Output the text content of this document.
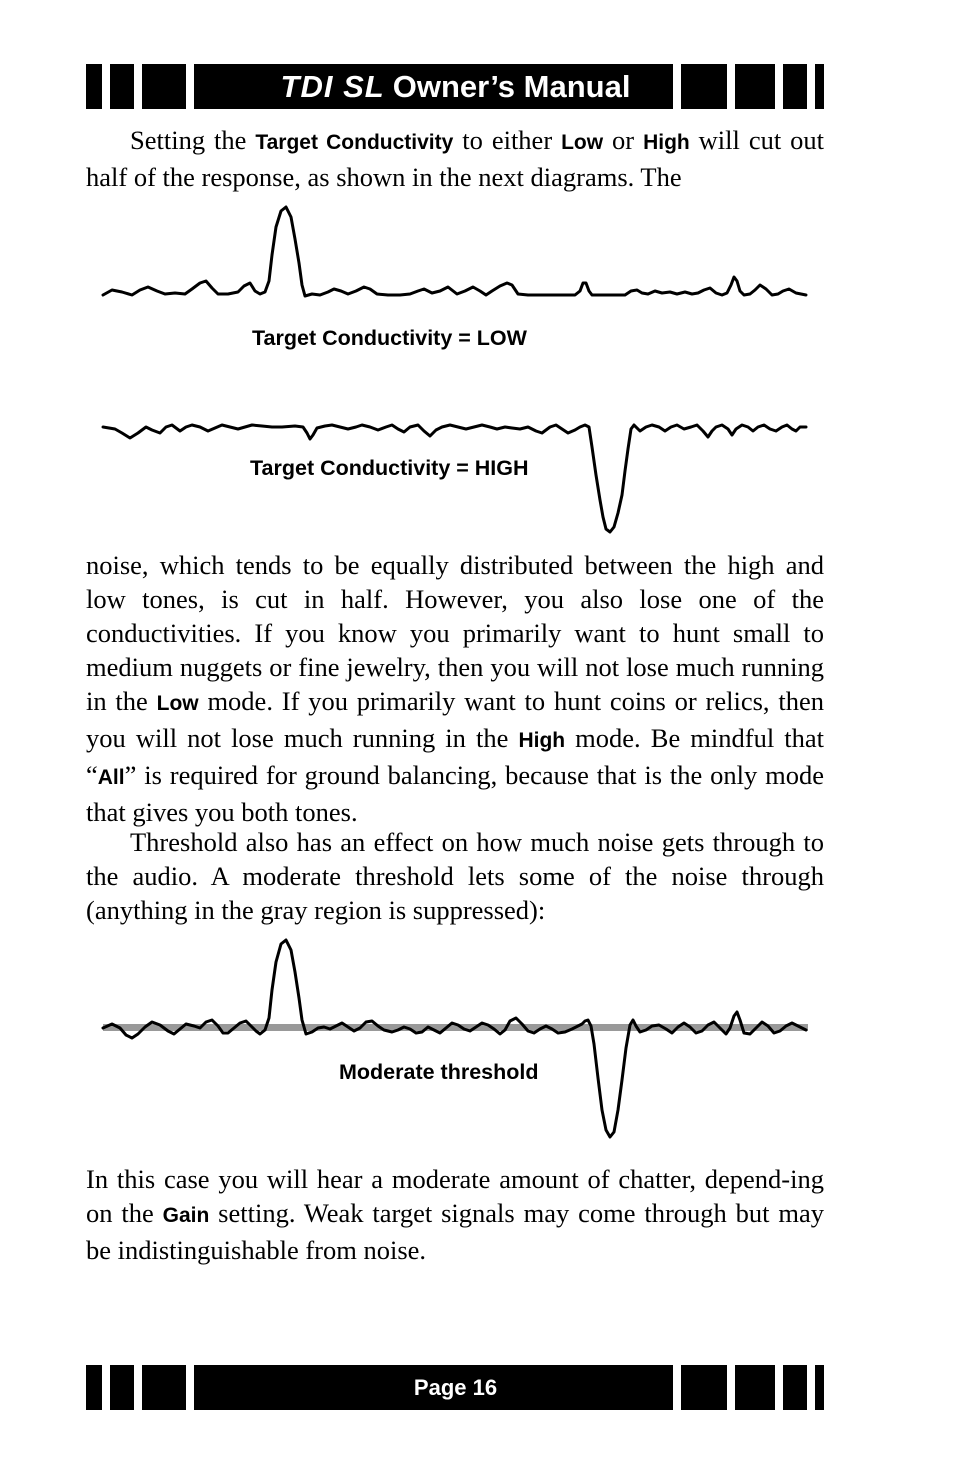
TDI SL Owner’s Manual

Setting the Target Conductivity to either Low or High will cut out half of the response, as shown in the next diagrams. The

Target Conductivity = LOW
Target Conductivity = HIGH

noise, which tends to be equally distributed between the high and low tones, is cut in half. However, you also lose one of the conductivities. If you know you primarily want to hunt small to medium nuggets or fine jewelry, then you will not lose much running in the Low mode. If you primarily want to hunt coins or relics, then you will not lose much running in the High mode. Be mindful that “All” is required for ground balancing, because that is the only mode that gives you both tones.

Threshold also has an effect on how much noise gets through to the audio. A moderate threshold lets some of the noise through (anything in the gray region is suppressed):

Moderate threshold

In this case you will hear a moderate amount of chatter, depend-ing on the Gain setting. Weak target signals may come through but may be indistinguishable from noise.

Page 16
